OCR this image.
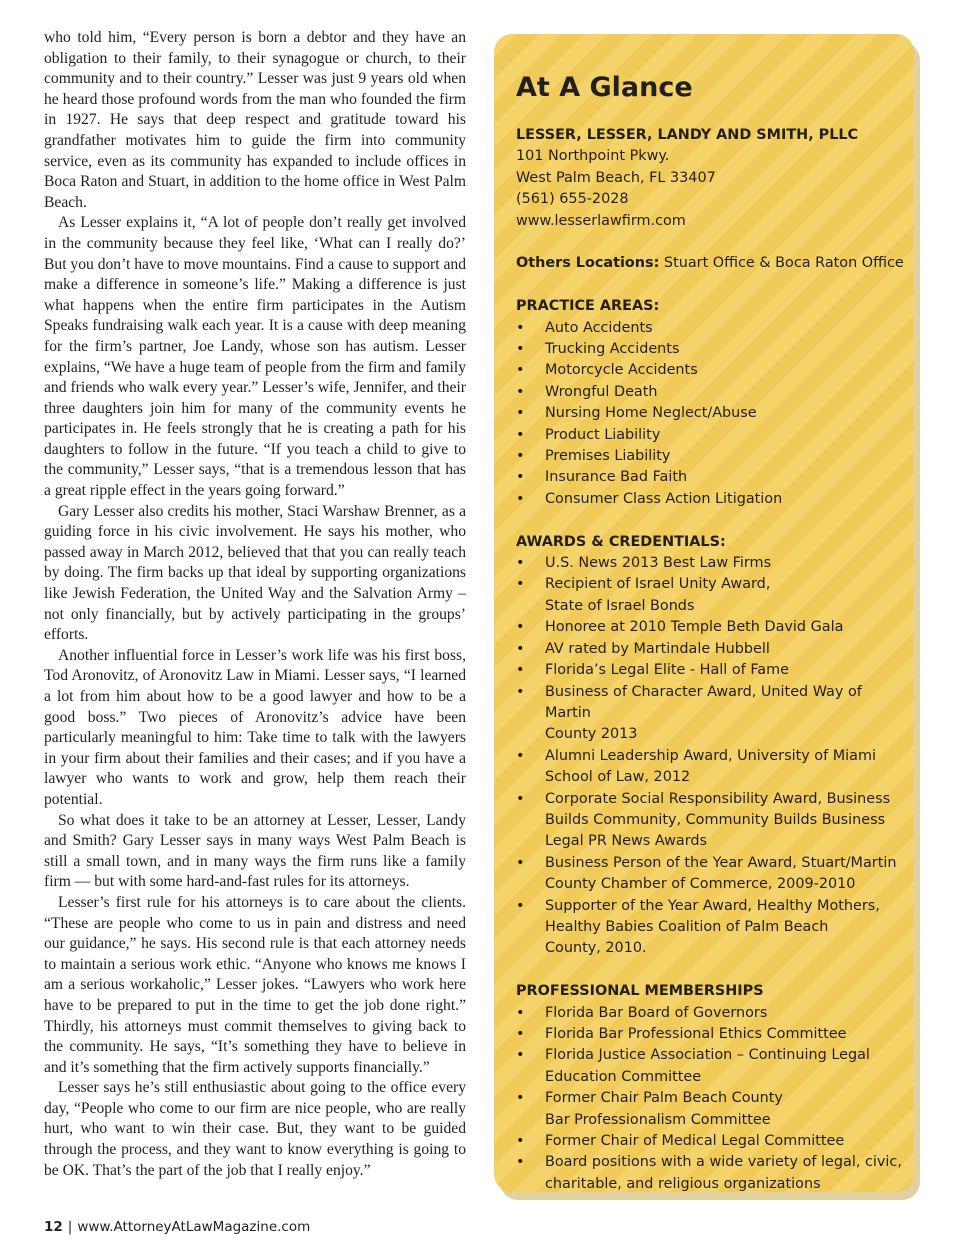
who told him, “Every person is born a debtor and they have an obligation to their family, to their synagogue or church, to their community and to their country.” Lesser was just 9 years old when he heard those profound words from the man who founded the firm in 1927. He says that deep respect and gratitude toward his grandfather motivates him to guide the firm into community service, even as its community has expanded to include offices in Boca Raton and Stuart, in addition to the home office in West Palm Beach.

As Lesser explains it, “A lot of people don’t really get involved in the community because they feel like, ‘What can I really do?’ But you don’t have to move mountains. Find a cause to support and make a difference in someone’s life.” Making a difference is just what happens when the entire firm participates in the Autism Speaks fundraising walk each year. It is a cause with deep meaning for the firm’s partner, Joe Landy, whose son has autism. Lesser explains, “We have a huge team of people from the firm and family and friends who walk every year.” Lesser’s wife, Jennifer, and their three daughters join him for many of the community events he participates in. He feels strongly that he is creating a path for his daughters to follow in the future. “If you teach a child to give to the community,” Lesser says, “that is a tremendous lesson that has a great ripple effect in the years going forward.”

Gary Lesser also credits his mother, Staci Warshaw Brenner, as a guiding force in his civic involvement. He says his mother, who passed away in March 2012, believed that that you can really teach by doing. The firm backs up that ideal by supporting organizations like Jewish Federation, the United Way and the Salvation Army – not only financially, but by actively participating in the groups’ efforts.

Another influential force in Lesser’s work life was his first boss, Tod Aronovitz, of Aronovitz Law in Miami. Lesser says, “I learned a lot from him about how to be a good lawyer and how to be a good boss.” Two pieces of Aronovitz’s advice have been particularly meaningful to him: Take time to talk with the lawyers in your firm about their families and their cases; and if you have a lawyer who wants to work and grow, help them reach their potential.

So what does it take to be an attorney at Lesser, Lesser, Landy and Smith? Gary Lesser says in many ways West Palm Beach is still a small town, and in many ways the firm runs like a family firm — but with some hard-and-fast rules for its attorneys.

Lesser’s first rule for his attorneys is to care about the clients. “These are people who come to us in pain and distress and need our guidance,” he says. His second rule is that each attorney needs to maintain a serious work ethic. “Anyone who knows me knows I am a serious workaholic,” Lesser jokes. “Lawyers who work here have to be prepared to put in the time to get the job done right.” Thirdly, his attorneys must commit themselves to giving back to the community. He says, “It’s something they have to believe in and it’s something that the firm actively supports financially.”

Lesser says he’s still enthusiastic about going to the office every day, “People who come to our firm are nice people, who are really hurt, who want to win their case. But, they want to be guided through the process, and they want to know everything is going to be OK. That’s the part of the job that I really enjoy.”

At A Glance
LESSER, LESSER, LANDY AND SMITH, PLLC
101 Northpoint Pkwy.
West Palm Beach, FL 33407
(561) 655-2028
www.lesserlawfirm.com
Others Locations: Stuart Office & Boca Raton Office
PRACTICE AREAS:
•	Auto Accidents
•	Trucking Accidents
•	Motorcycle Accidents
•	Wrongful Death
•	Nursing Home Neglect/Abuse
•	Product Liability
•	Premises Liability
•	Insurance Bad Faith
•	Consumer Class Action Litigation
AWARDS & CREDENTIALS:
•	U.S. News 2013 Best Law Firms
•	Recipient of Israel Unity Award,
State of Israel Bonds
•	Honoree at 2010 Temple Beth David Gala
•	AV rated by Martindale Hubbell
•	Florida’s Legal Elite - Hall of Fame
•	Business of Character Award, United Way of Martin
County 2013
•	Alumni Leadership Award, University of Miami
School of Law, 2012
•	Corporate Social Responsibility Award, Business
Builds Community, Community Builds Business
Legal PR News Awards
•	Business Person of the Year Award, Stuart/Martin
County Chamber of Commerce, 2009-2010
•	Supporter of the Year Award, Healthy Mothers,
Healthy Babies Coalition of Palm Beach
County, 2010.
PROFESSIONAL MEMBERSHIPS
•	Florida Bar Board of Governors
•	Florida Bar Professional Ethics Committee
•	Florida Justice Association – Continuing Legal
Education Committee
•	Former Chair Palm Beach County
Bar Professionalism Committee
•	Former Chair of Medical Legal Committee
•	Board positions with a wide variety of legal, civic,
charitable, and religious organizations
12 | www.AttorneyAtLawMagazine.com
